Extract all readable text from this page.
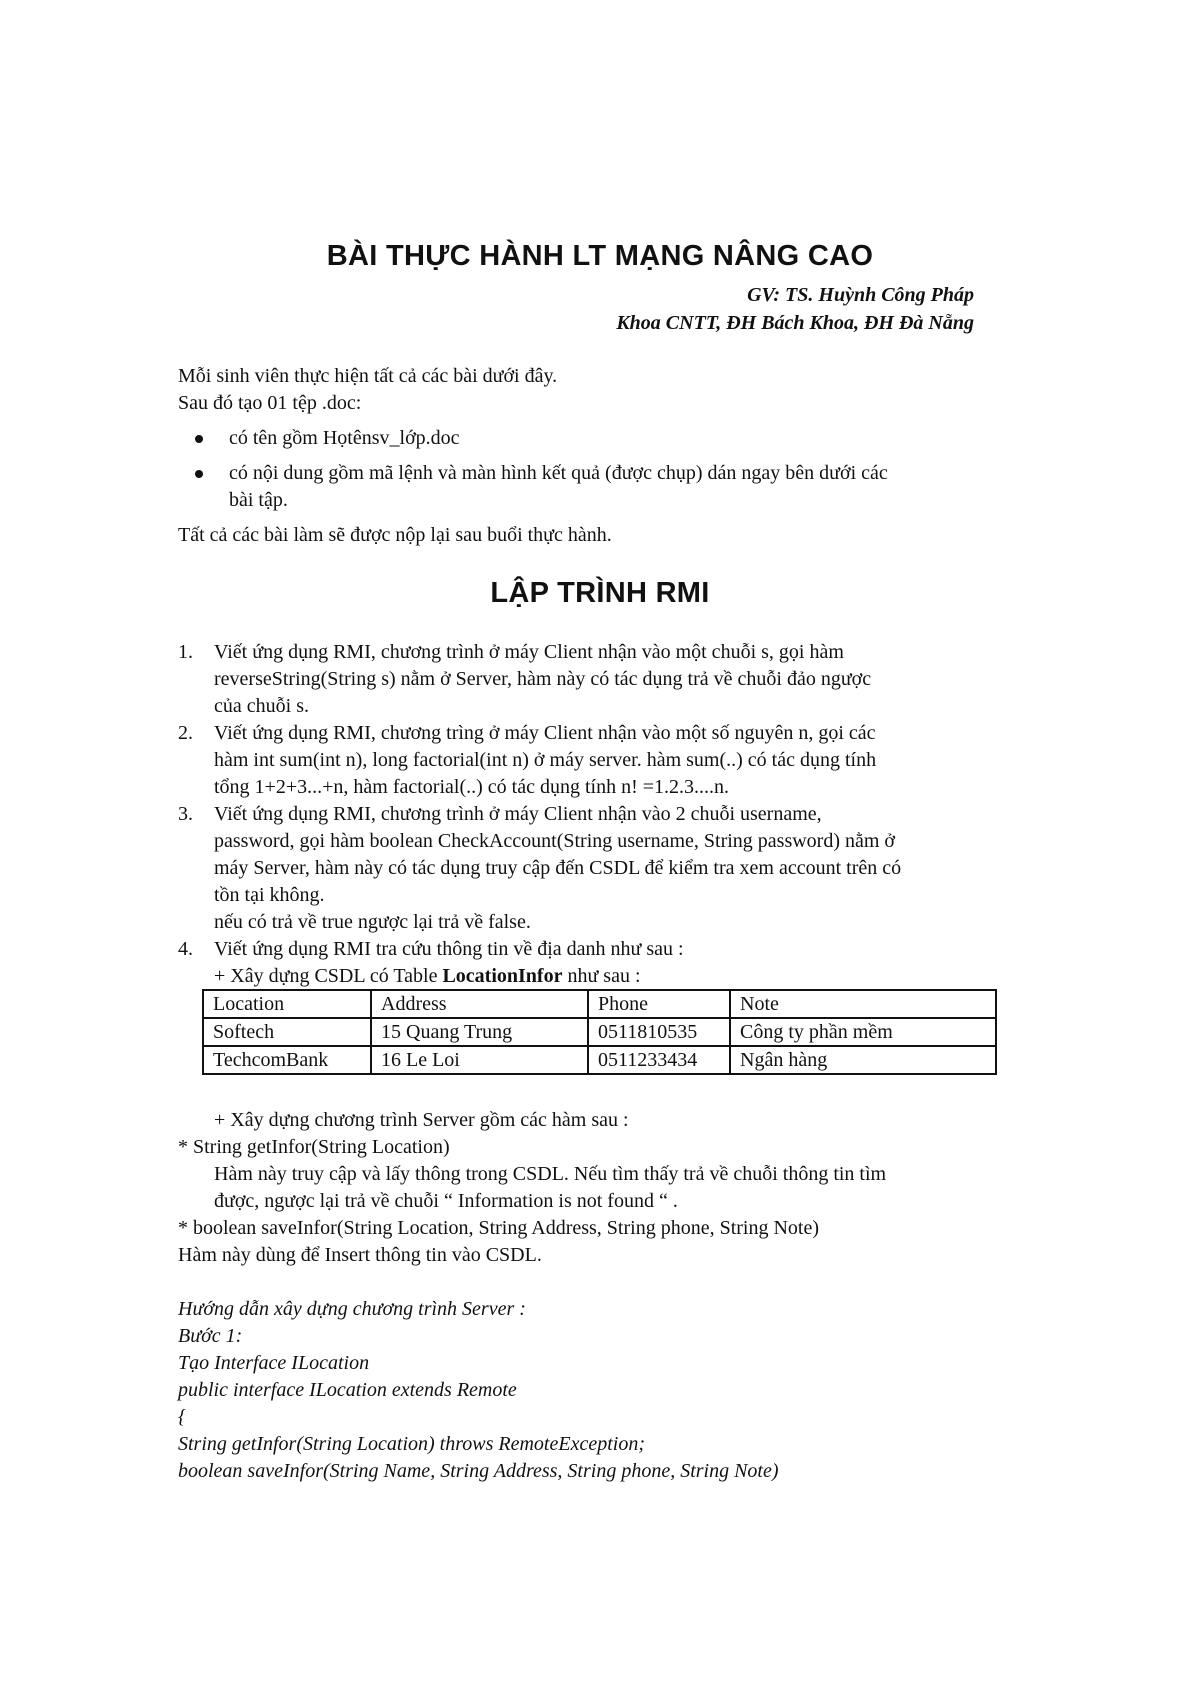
BÀI THỰC HÀNH LT MẠNG NÂNG CAO
GV: TS. Huỳnh Công Pháp
Khoa CNTT, ĐH Bách Khoa, ĐH Đà Nẵng
Mỗi sinh viên thực hiện tất cả các bài dưới đây.
Sau đó tạo 01 tệp .doc:
có tên gồm Họtênsv_lớp.doc
có nội dung gồm mã lệnh và màn hình kết quả (được chụp) dán ngay bên dưới các
bài tập.
Tất cả các bài làm sẽ được nộp lại sau buổi thực hành.
LẬP TRÌNH RMI
1. Viết ứng dụng RMI, chương trình ở máy Client nhận vào một chuỗi s, gọi hàm
reverseString(String s) nằm ở Server, hàm này có tác dụng trả về chuỗi đảo ngược
của chuỗi s.
2. Viết ứng dụng RMI, chương trìng ở máy Client nhận vào một số nguyên n, gọi các
hàm int sum(int n), long factorial(int n) ở máy server. hàm sum(..) có tác dụng tính
tổng 1+2+3...+n, hàm factorial(..) có tác dụng tính n! =1.2.3....n.
3. Viết ứng dụng RMI, chương trình ở máy Client nhận vào 2 chuỗi username,
password, gọi hàm boolean CheckAccount(String username, String password) nằm ở
máy Server, hàm này có tác dụng truy cập đến CSDL để kiểm tra xem account trên có
tồn tại không.
nếu có trả về true ngược lại trả về false.
4. Viết ứng dụng RMI tra cứu thông tin về địa danh như sau :
+ Xây dựng CSDL có Table LocationInfor như sau :
Location	Address	Phone	Note
Softech	15 Quang Trung	0511810535	Công ty phần mềm
TechcomBank	16 Le Loi	0511233434	Ngân hàng
+ Xây dựng chương trình Server gồm các hàm sau :
* String getInfor(String Location)
Hàm này truy cập và lấy thông trong CSDL. Nếu tìm thấy trả về chuỗi thông tin tìm
được, ngược lại trả về chuỗi “ Information is not found “ .
* boolean saveInfor(String Location, String Address, String phone, String Note)
Hàm này dùng để Insert thông tin vào CSDL.
Hướng dẫn xây dựng chương trình Server :
Bước 1:
Tạo Interface ILocation
public interface ILocation extends Remote
{
String getInfor(String Location) throws RemoteException;
boolean saveInfor(String Name, String Address, String phone, String Note)
